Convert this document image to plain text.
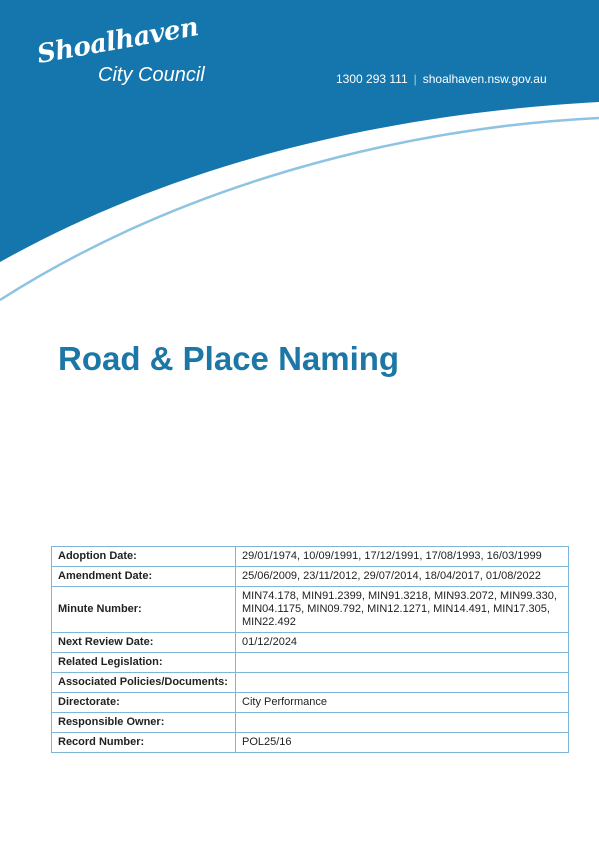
Shoalhaven
City Council	1300 293 111 | shoalhaven.nsw.gov.au
Road & Place Naming
Adoption Date:	29/01/1974, 10/09/1991, 17/12/1991, 17/08/1993, 16/03/1999
Amendment Date:	25/06/2009, 23/11/2012, 29/07/2014, 18/04/2017, 01/08/2022
Minute Number:	MIN74.178, MIN91.2399, MIN91.3218, MIN93.2072, MIN99.330, MIN04.1175, MIN09.792, MIN12.1271, MIN14.491, MIN17.305, MIN22.492
Next Review Date:	01/12/2024
Related Legislation:	
Associated Policies/Documents:	
Directorate:	City Performance
Responsible Owner:	
Record Number:	POL25/16
